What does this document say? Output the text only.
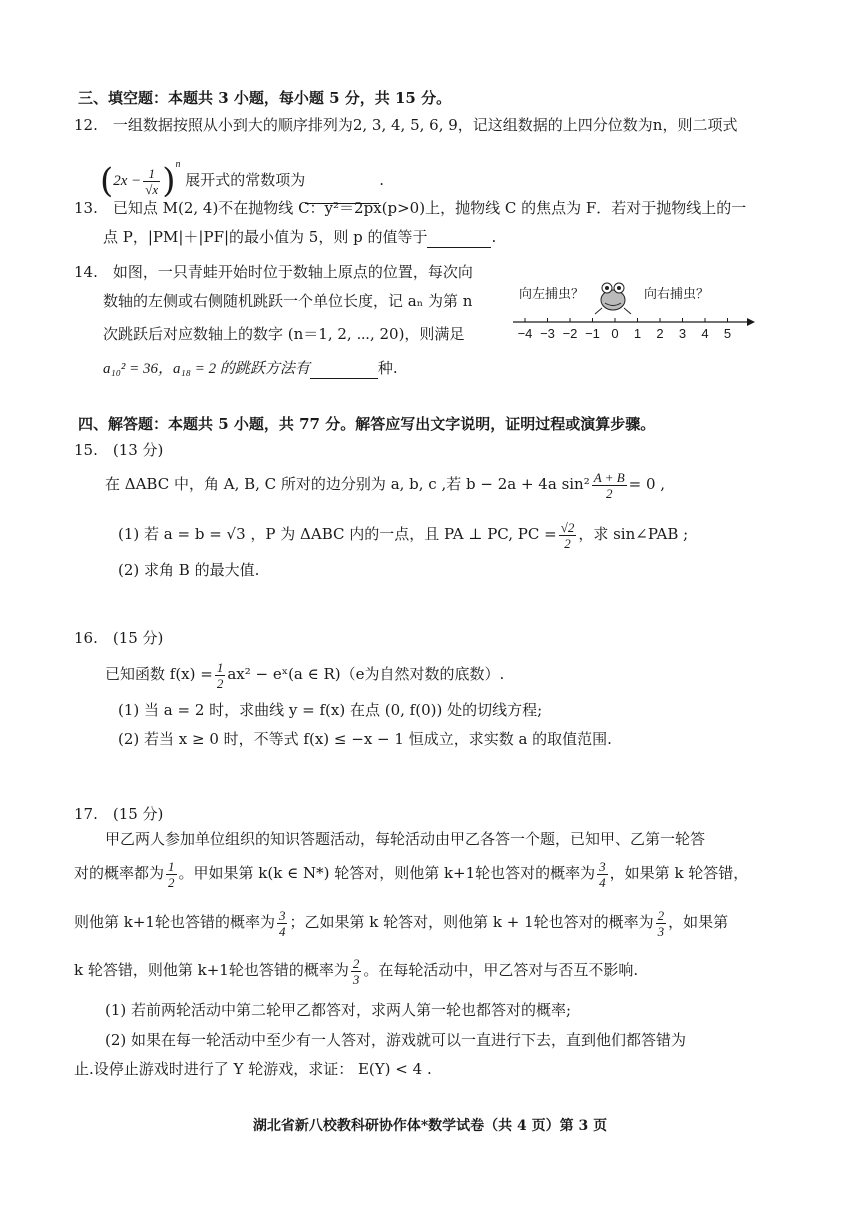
三、填空题：本题共 3 小题，每小题 5 分，共 15 分。
12.　一组数据按照从小到大的顺序排列为2, 3, 4, 5, 6, 9，记这组数据的上四分位数为n，则二项式
$(2x - \frac{1}{√x} )^n$ 展开式的常数项为	.
13.　已知点 M(2, 4)不在抛物线 C：y²＝2px(p>0)上，抛物线 C 的焦点为 F．若对于抛物线上的一
点 P，|PM|＋|PF|的最小值为 5，则 p 的值等于	.
14.　如图，一只青蛙开始时位于数轴上原点的位置，每次向
数轴的左侧或右侧随机跳跃一个单位长度，记 aₙ 为第 n
次跳跃后对应数轴上的数字 (n＝1, 2, ⋯, 20)，则满足
a₁₀² = 36，a₁₈ = 2 的跳跃方法有	种.
向左捕虫？	向右捕虫？
−4 −3 −2 −1 0 1 2 3 4 5
四、解答题：本题共 5 小题，共 77 分。解答应写出文字说明，证明过程或演算步骤。
15.　(13 分)
在 ΔABC 中，角 A, B, C 所对的边分别为 a, b, c ,若 b − 2a + 4a $\sin^2 \frac{A + B}{2} = 0$ ,
(1) 若 a = b = √3 ，P 为 ΔABC 内的一点，且 PA ⊥ PC, PC = $\frac{√2}{2}$ ，求 sin∠PAB ;
(2) 求角 B 的最大值.
16.　(15 分)
已知函数 $f(x) = \frac{1}{2} ax^2$ − eˣ(a ∈ R)（e为自然对数的底数）.
(1) 当 a = 2 时，求曲线 y = f(x) 在点 (0, f(0)) 处的切线方程;
(2) 若当 x ≥ 0 时，不等式 f(x) ≤ −x − 1 恒成立，求实数 a 的取值范围.
17.　(15 分)
甲乙两人参加单位组织的知识答题活动，每轮活动由甲乙各答一个题，已知甲、乙第一轮答
对的概率都为 $\frac{1}{2}$ 。甲如果第 k(k ∈ N*) 轮答对，则他第 k+1轮也答对的概率为 $\frac{3}{4}$ ，如果第 k 轮答错，
则他第 k+1轮也答错的概率为 $\frac{3}{4}$ ；乙如果第 k 轮答对，则他第 k + 1轮也答对的概率为 $\frac{2}{3}$ ，如果第
k 轮答错，则他第 k+1轮也答错的概率为 $\frac{2}{3}$ 。在每轮活动中，甲乙答对与否互不影响.
(1) 若前两轮活动中第二轮甲乙都答对，求两人第一轮也都答对的概率;
(2) 如果在每一轮活动中至少有一人答对，游戏就可以一直进行下去，直到他们都答错为
止.设停止游戏时进行了 Y 轮游戏，求证： E(Y) < 4 .
湖北省新八校教科研协作体*数学试卷（共 4 页）第 3 页
